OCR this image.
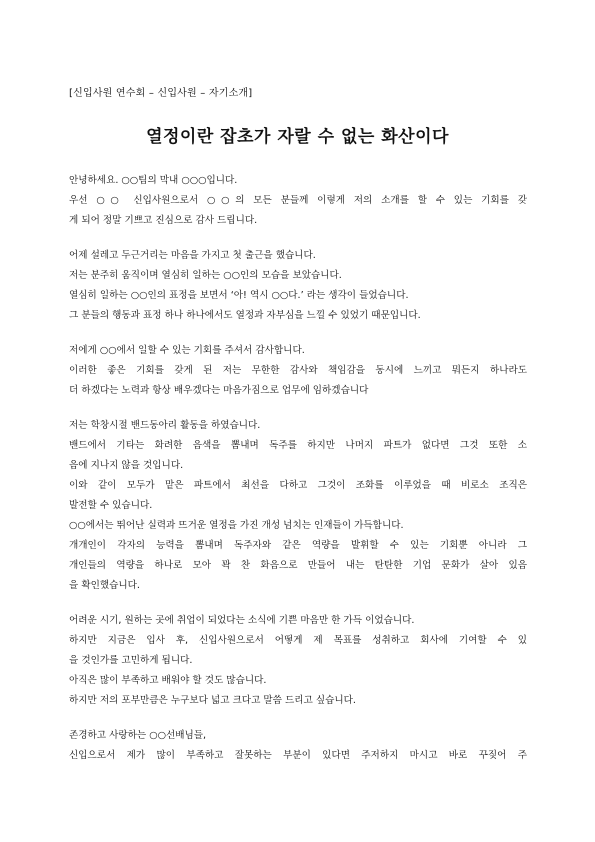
[신입사원 연수회 – 신입사원 – 자기소개]
열정이란 잡초가 자랄 수 없는 화산이다
안녕하세요. ○○팀의 막내 ○○○입니다.
우선 ○○ 신입사원으로서 ○○의 모든 분들께 이렇게 저의 소개를 할 수 있는 기회를 갖
게 되어 정말 기쁘고 진심으로 감사 드립니다.
어제 설레고 두근거리는 마음을 가지고 첫 출근을 했습니다.
저는 분주히 움직이며 열심히 일하는 ○○인의 모습을 보았습니다.
열심히 일하는 ○○인의 표정을 보면서 ‘아! 역시 ○○다.’ 라는 생각이 들었습니다.
그 분들의 행동과 표정 하나 하나에서도 열정과 자부심을 느낄 수 있었기 때문입니다.
저에게 ○○에서 일할 수 있는 기회를 주셔서 감사합니다.
이러한 좋은 기회를 갖게 된 저는 무한한 감사와 책임감을 동시에 느끼고 뭐든지 하나라도
더 하겠다는 노력과 항상 배우겠다는 마음가짐으로 업무에 임하겠습니다
저는 학창시절 밴드동아리 활동을 하였습니다.
밴드에서 기타는 화려한 음색을 뽐내며 독주를 하지만 나머지 파트가 없다면 그것 또한 소
음에 지나지 않을 것입니다.
이와 같이 모두가 맡은 파트에서 최선을 다하고 그것이 조화를 이루었을 때 비로소 조직은
발전할 수 있습니다.
○○에서는 뛰어난 실력과 뜨거운 열정을 가진 개성 넘치는 인재들이 가득합니다.
개개인이 각자의 능력을 뽐내며 독주자와 같은 역량을 발휘할 수 있는 기회뿐 아니라 그
개인들의 역량을 하나로 모아 꽉 찬 화음으로 만들어 내는 탄탄한 기업 문화가 살아 있음
을 확인했습니다.
어려운 시기, 원하는 곳에 취업이 되었다는 소식에 기쁜 마음만 한 가득 이었습니다.
하지만 지금은 입사 후, 신입사원으로서 어떻게 제 목표를 성취하고 회사에 기여할 수 있
을 것인가를 고민하게 됩니다.
아직은 많이 부족하고 배워야 할 것도 많습니다.
하지만 저의 포부만큼은 누구보다 넓고 크다고 말씀 드리고 싶습니다.
존경하고 사랑하는 ○○선배님들,
신입으로서 제가 많이 부족하고 잘못하는 부분이 있다면 주저하지 마시고 바로 꾸짖어 주
